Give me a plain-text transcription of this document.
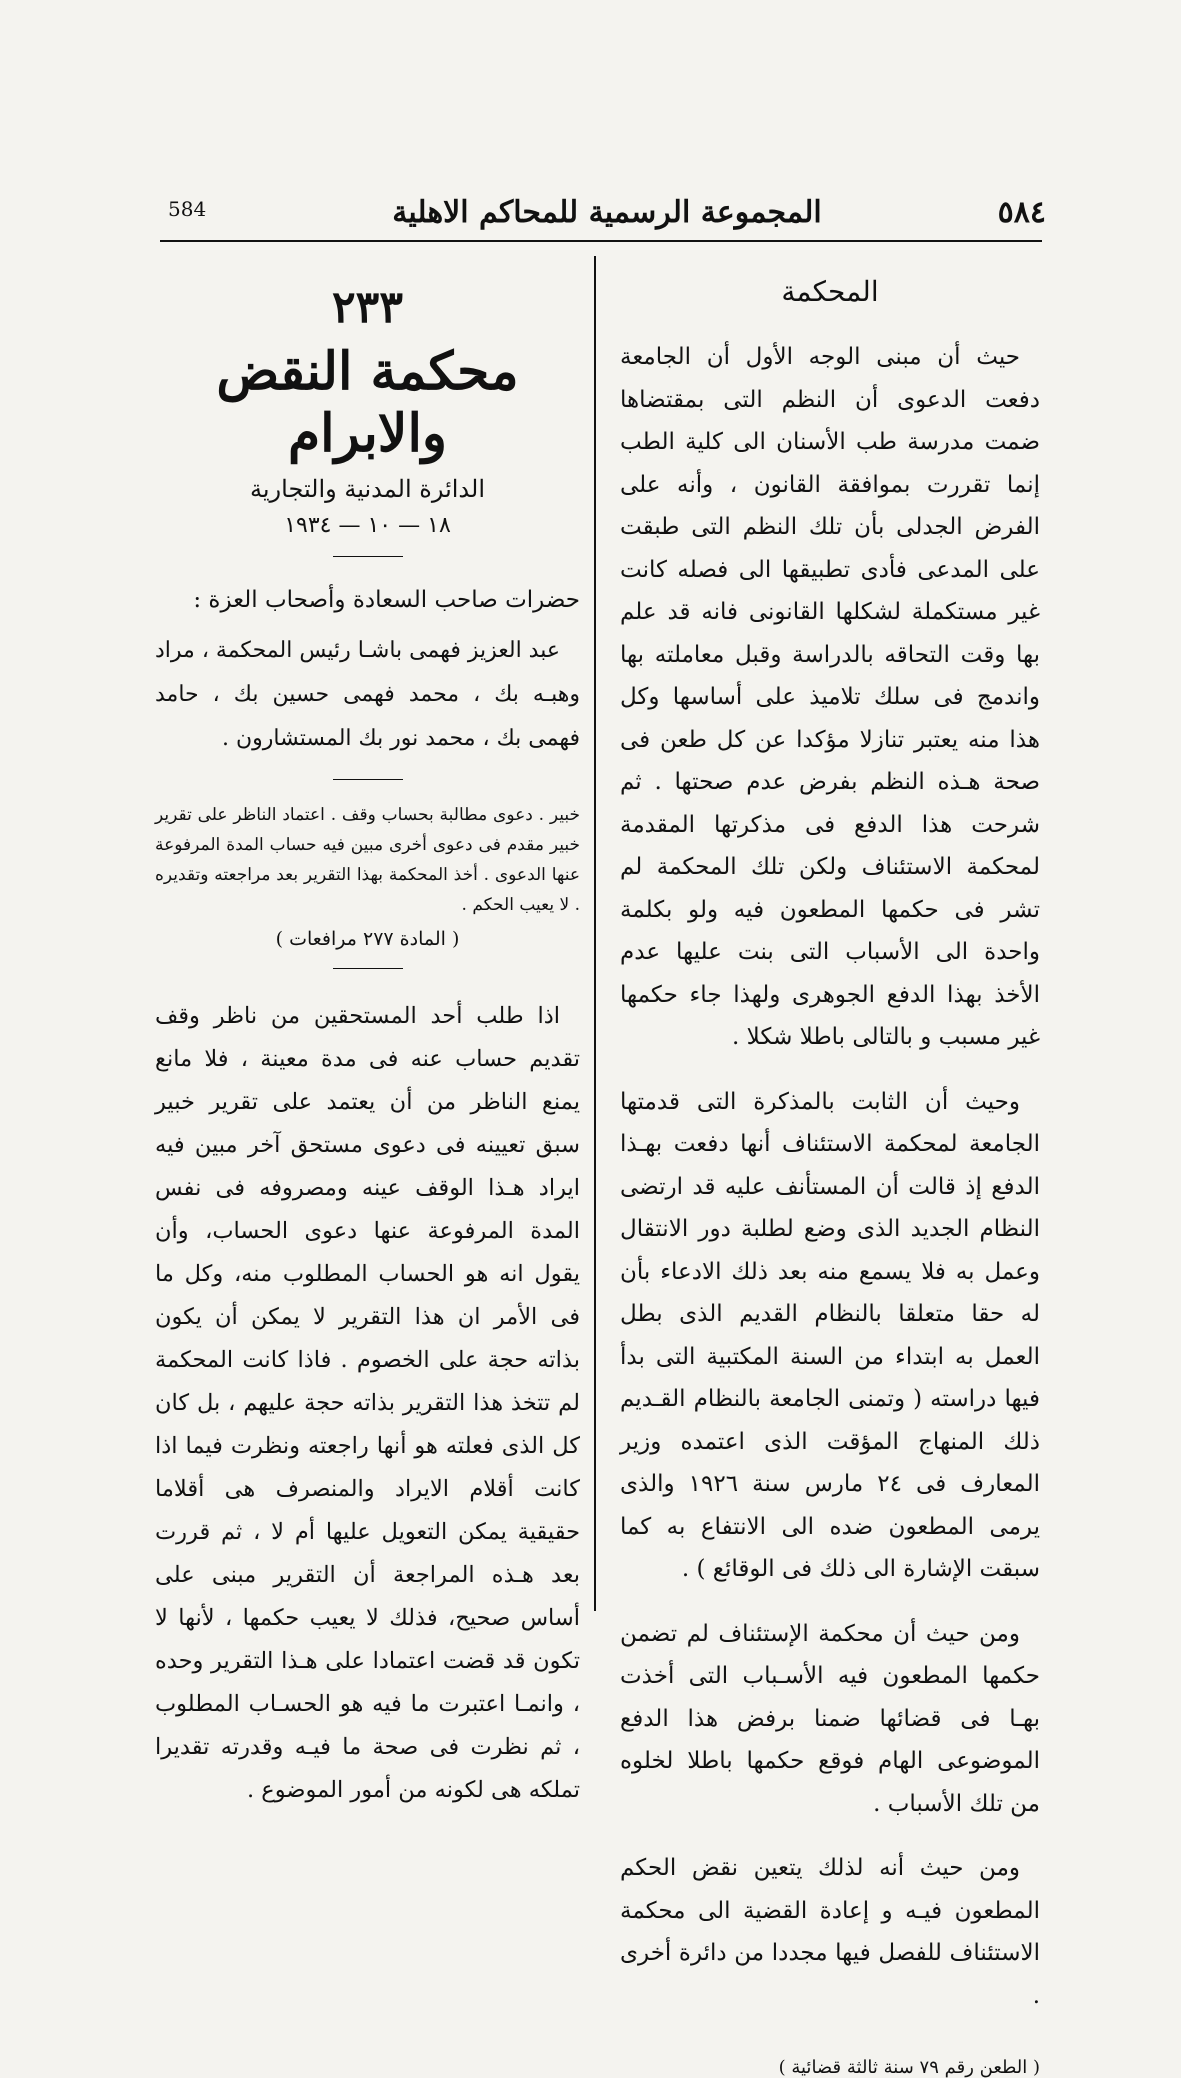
584	المجموعة الرسمية للمحاكم الاهلية	٥٨٤
المحكمة

حيث أن مبنى الوجه الأول أن الجامعة دفعت الدعوى أن النظم التى بمقتضاها ضمت مدرسة طب الأسنان الى كلية الطب إنما تقررت بموافقة القانون ، وأنه على الفرض الجدلى بأن تلك النظم التى طبقت على المدعى فأدى تطبيقها الى فصله كانت غير مستكملة لشكلها القانونى فانه قد علم بها وقت التحاقه بالدراسة وقبل معاملته بها واندمج فى سلك تلاميذ على أساسها وكل هذا منه يعتبر تنازلا مؤكدا عن كل طعن فى صحة هـذه النظم بفرض عدم صحتها . ثم شرحت هذا الدفع فى مذكرتها المقدمة لمحكمة الاستئناف ولكن تلك المحكمة لم تشر فى حكمها المطعون فيه ولو بكلمة واحدة الى الأسباب التى بنت عليها عدم الأخذ بهذا الدفع الجوهرى ولهذا جاء حكمها غير مسبب و بالتالى باطلا شكلا .

وحيث أن الثابت بالمذكرة التى قدمتها الجامعة لمحكمة الاستئناف أنها دفعت بهـذا الدفع إذ قالت أن المستأنف عليه قد ارتضى النظام الجديد الذى وضع لطلبة دور الانتقال وعمل به فلا يسمع منه بعد ذلك الادعاء بأن له حقا متعلقا بالنظام القديم الذى بطل العمل به ابتداء من السنة المكتبية التى بدأ فيها دراسته ( وتمنى الجامعة بالنظام القـديم ذلك المنهاج المؤقت الذى اعتمده وزير المعارف فى ٢٤ مارس سنة ١٩٢٦ والذى يرمى المطعون ضده الى الانتفاع به كما سبقت الإشارة الى ذلك فى الوقائع ) .

ومن حيث أن محكمة الإستئناف لم تضمن حكمها المطعون فيه الأسـباب التى أخذت بهـا فى قضائها ضمنا برفض هذا الدفع الموضوعى الهام فوقع حكمها باطلا لخلوه من تلك الأسباب .

ومن حيث أنه لذلك يتعين نقض الحكم المطعون فيـه و إعادة القضية الى محكمة الاستئناف للفصل فيها مجددا من دائرة أخرى .

( الطعن رقم ٧٩ سنة ثالثة قضائية )
٢٣٣
محكمة النقض والابرام
الدائرة المدنية والتجارية
١٨ — ١٠ — ١٩٣٤
حضرات صاحب السعادة وأصحاب العزة :
عبد العزيز فهمى باشـا رئيس المحكمة ، مراد وهبـه بك ، محمد فهمى حسين بك ، حامد فهمى بك ، محمد نور بك المستشارون .
خبير . دعوى مطالبة بحساب وقف . اعتماد الناظر على تقرير خبير مقدم فى دعوى أخرى مبين فيه حساب المدة المرفوعة عنها الدعوى . أخذ المحكمة بهذا التقرير بعد مراجعته وتقديره . لا يعيب الحكم .
( المادة ٢٧٧ مرافعات )

اذا طلب أحد المستحقين من ناظر وقف تقديم حساب عنه فى مدة معينة ، فلا مانع يمنع الناظر من أن يعتمد على تقرير خبير سبق تعيينه فى دعوى مستحق آخر مبين فيه ايراد هـذا الوقف عينه ومصروفه فى نفس المدة المرفوعة عنها دعوى الحساب، وأن يقول انه هو الحساب المطلوب منه، وكل ما فى الأمر ان هذا التقرير لا يمكن أن يكون بذاته حجة على الخصوم . فاذا كانت المحكمة لم تتخذ هذا التقرير بذاته حجة عليهم ، بل كان كل الذى فعلته هو أنها راجعته ونظرت فيما اذا كانت أقلام الايراد والمنصرف هى أقلاما حقيقية يمكن التعويل عليها أم لا ، ثم قررت بعد هـذه المراجعة أن التقرير مبنى على أساس صحيح، فذلك لا يعيب حكمها ، لأنها لا تكون قد قضت اعتمادا على هـذا التقرير وحده ، وانمـا اعتبرت ما فيه هو الحسـاب المطلوب ، ثم نظرت فى صحة ما فيـه وقدرته تقديرا تملكه هى لكونه من أمور الموضوع .
